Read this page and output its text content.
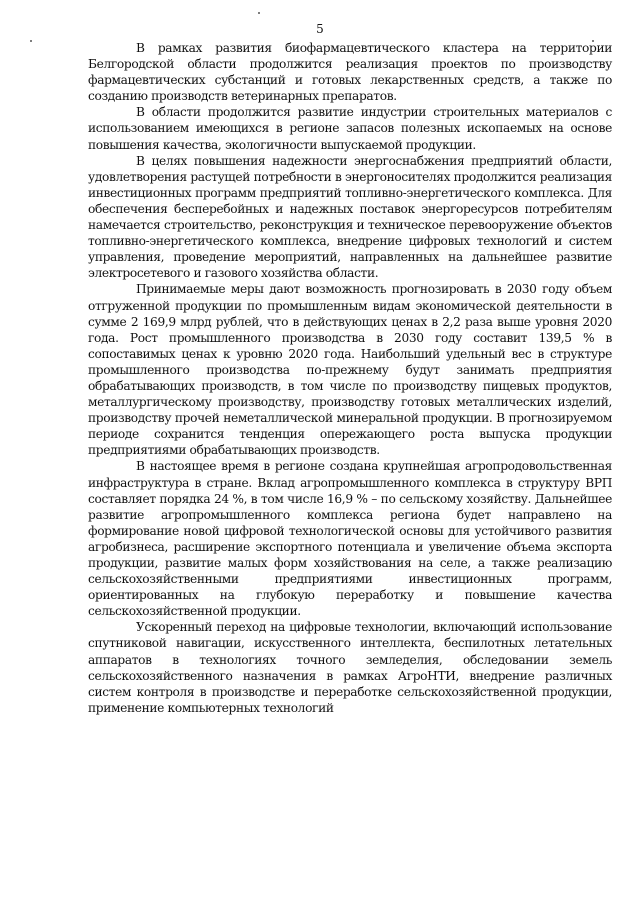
5

В рамках развития биофармацевтического кластера на территории Белгородской области продолжится реализация проектов по производству фармацевтических субстанций и готовых лекарственных средств, а также по созданию производств ветеринарных препаратов.

В области продолжится развитие индустрии строительных материалов с использованием имеющихся в регионе запасов полезных ископаемых на основе повышения качества, экологичности выпускаемой продукции.

В целях повышения надежности энергоснабжения предприятий области, удовлетворения растущей потребности в энергоносителях продолжится реализация инвестиционных программ предприятий топливно-энергетического комплекса. Для обеспечения бесперебойных и надежных поставок энергоресурсов потребителям намечается строительство, реконструкция и техническое перевооружение объектов топливно-энергетического комплекса, внедрение цифровых технологий и систем управления, проведение мероприятий, направленных на дальнейшее развитие электросетевого и газового хозяйства области.

Принимаемые меры дают возможность прогнозировать в 2030 году объем отгруженной продукции по промышленным видам экономической деятельности в сумме 2 169,9 млрд рублей, что в действующих ценах в 2,2 раза выше уровня 2020 года. Рост промышленного производства в 2030 году составит 139,5 % в сопоставимых ценах к уровню 2020 года. Наибольший удельный вес в структуре промышленного производства по-прежнему будут занимать предприятия обрабатывающих производств, в том числе по производству пищевых продуктов, металлургическому производству, производству готовых металлических изделий, производству прочей неметаллической минеральной продукции. В прогнозируемом периоде сохранится тенденция опережающего роста выпуска продукции предприятиями обрабатывающих производств.

В настоящее время в регионе создана крупнейшая агропродовольственная инфраструктура в стране. Вклад агропромышленного комплекса в структуру ВРП составляет порядка 24 %, в том числе 16,9 % – по сельскому хозяйству. Дальнейшее развитие агропромышленного комплекса региона будет направлено на формирование новой цифровой технологической основы для устойчивого развития агробизнеса, расширение экспортного потенциала и увеличение объема экспорта продукции, развитие малых форм хозяйствования на селе, а также реализацию сельскохозяйственными предприятиями инвестиционных программ, ориентированных на глубокую переработку и повышение качества сельскохозяйственной продукции.

Ускоренный переход на цифровые технологии, включающий использование спутниковой навигации, искусственного интеллекта, беспилотных летательных аппаратов в технологиях точного земледелия, обследовании земель сельскохозяйственного назначения в рамках АгроНТИ, внедрение различных систем контроля в производстве и переработке сельскохозяйственной продукции, применение компьютерных технологий
